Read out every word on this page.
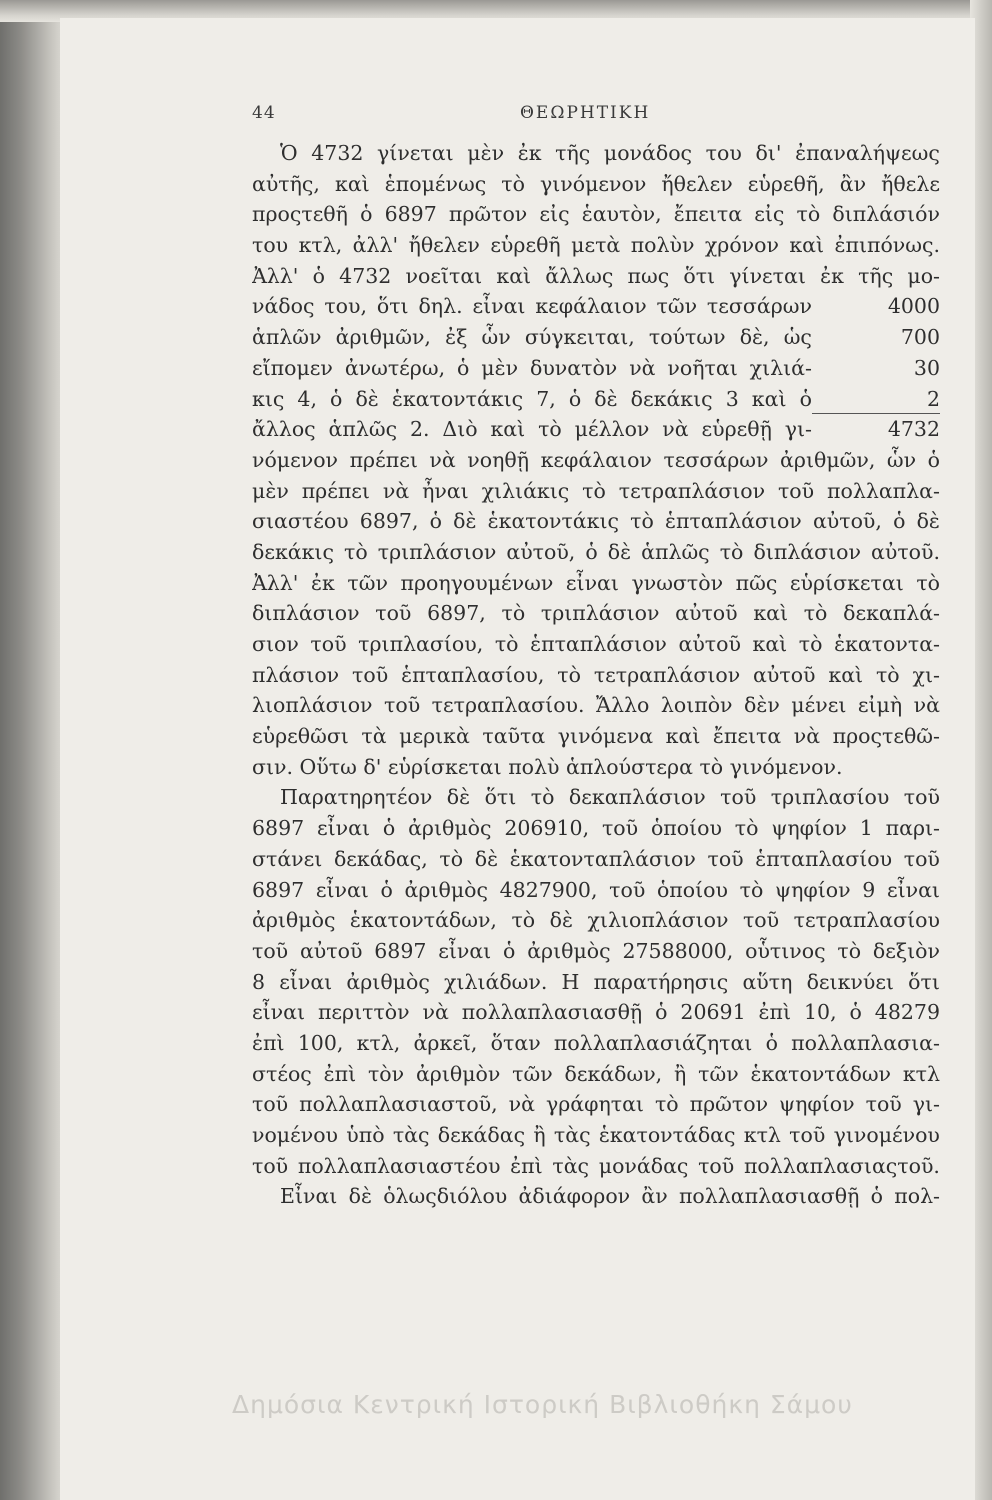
44	ΘΕΩΡΗΤΙΚΗ
Ὁ 4732 γίνεται μὲν ἐκ τῆς μονάδος του δι' ἐπαναλήψεως
αὐτῆς, καὶ ἑπομένως τὸ γινόμενον ἤθελεν εὑρεθῆ, ἂν ἤθελε
προςτεθῆ ὁ 6897 πρῶτον εἰς ἑαυτὸν, ἔπειτα εἰς τὸ διπλάσιόν
του κτλ, ἀλλ' ἤθελεν εὑρεθῆ μετὰ πολὺν χρόνον καὶ ἐπιπόνως.
Ἀλλ' ὁ 4732 νοεῖται καὶ ἄλλως πως ὅτι γίνεται ἐκ τῆς μο-
νάδος του, ὅτι δηλ. εἶναι κεφάλαιον τῶν τεσσάρων	4000
ἁπλῶν ἀριθμῶν, ἐξ ὧν σύγκειται, τούτων δὲ, ὡς	700
εἴπομεν ἀνωτέρω, ὁ μὲν δυνατὸν νὰ νοῆται χιλιά-	30
κις 4, ὁ δὲ ἑκατοντάκις 7, ὁ δὲ δεκάκις 3 καὶ ὁ	2
ἄλλος ἁπλῶς 2. Διὸ καὶ τὸ μέλλον νὰ εὑρεθῇ γι-	4732
νόμενον πρέπει νὰ νοηθῇ κεφάλαιον τεσσάρων ἀριθμῶν, ὧν ὁ
μὲν πρέπει νὰ ἦναι χιλιάκις τὸ τετραπλάσιον τοῦ πολλαπλα-
σιαστέου 6897, ὁ δὲ ἑκατοντάκις τὸ ἑπταπλάσιον αὐτοῦ, ὁ δὲ
δεκάκις τὸ τριπλάσιον αὐτοῦ, ὁ δὲ ἁπλῶς τὸ διπλάσιον αὐτοῦ.
Ἀλλ' ἐκ τῶν προηγουμένων εἶναι γνωστὸν πῶς εὑρίσκεται τὸ
διπλάσιον τοῦ 6897, τὸ τριπλάσιον αὐτοῦ καὶ τὸ δεκαπλά-
σιον τοῦ τριπλασίου, τὸ ἑπταπλάσιον αὐτοῦ καὶ τὸ ἑκατοντα-
πλάσιον τοῦ ἑπταπλασίου, τὸ τετραπλάσιον αὐτοῦ καὶ τὸ χι-
λιοπλάσιον τοῦ τετραπλασίου. Ἄλλο λοιπὸν δὲν μένει εἰμὴ νὰ
εὑρεθῶσι τὰ μερικὰ ταῦτα γινόμενα καὶ ἔπειτα νὰ προςτεθῶ-
σιν. Οὕτω δ' εὑρίσκεται πολὺ ἁπλούστερα τὸ γινόμενον.
Παρατηρητέον δὲ ὅτι τὸ δεκαπλάσιον τοῦ τριπλασίου τοῦ
6897 εἶναι ὁ ἀριθμὸς 206910, τοῦ ὁποίου τὸ ψηφίον 1 παρι-
στάνει δεκάδας, τὸ δὲ ἑκατονταπλάσιον τοῦ ἑπταπλασίου τοῦ
6897 εἶναι ὁ ἀριθμὸς 4827900, τοῦ ὁποίου τὸ ψηφίον 9 εἶναι
ἀριθμὸς ἑκατοντάδων, τὸ δὲ χιλιοπλάσιον τοῦ τετραπλασίου
τοῦ αὐτοῦ 6897 εἶναι ὁ ἀριθμὸς 27588000, οὗτινος τὸ δεξιὸν
8 εἶναι ἀριθμὸς χιλιάδων. Η παρατήρησις αὕτη δεικνύει ὅτι
εἶναι περιττὸν νὰ πολλαπλασιασθῇ ὁ 20691 ἐπὶ 10, ὁ 48279
ἐπὶ 100, κτλ, ἀρκεῖ, ὅταν πολλαπλασιάζηται ὁ πολλαπλασια-
στέος ἐπὶ τὸν ἀριθμὸν τῶν δεκάδων, ἢ τῶν ἑκατοντάδων κτλ
τοῦ πολλαπλασιαστοῦ, νὰ γράφηται τὸ πρῶτον ψηφίον τοῦ γι-
νομένου ὑπὸ τὰς δεκάδας ἢ τὰς ἑκατοντάδας κτλ τοῦ γινομένου
τοῦ πολλαπλασιαστέου ἐπὶ τὰς μονάδας τοῦ πολλαπλασιαςτοῦ.
Εἶναι δὲ ὁλωςδιόλου ἀδιάφορον ἂν πολλαπλασιασθῇ ὁ πολ-
Δημόσια Κεντρική Ιστορική Βιβλιοθήκη Σάμου
